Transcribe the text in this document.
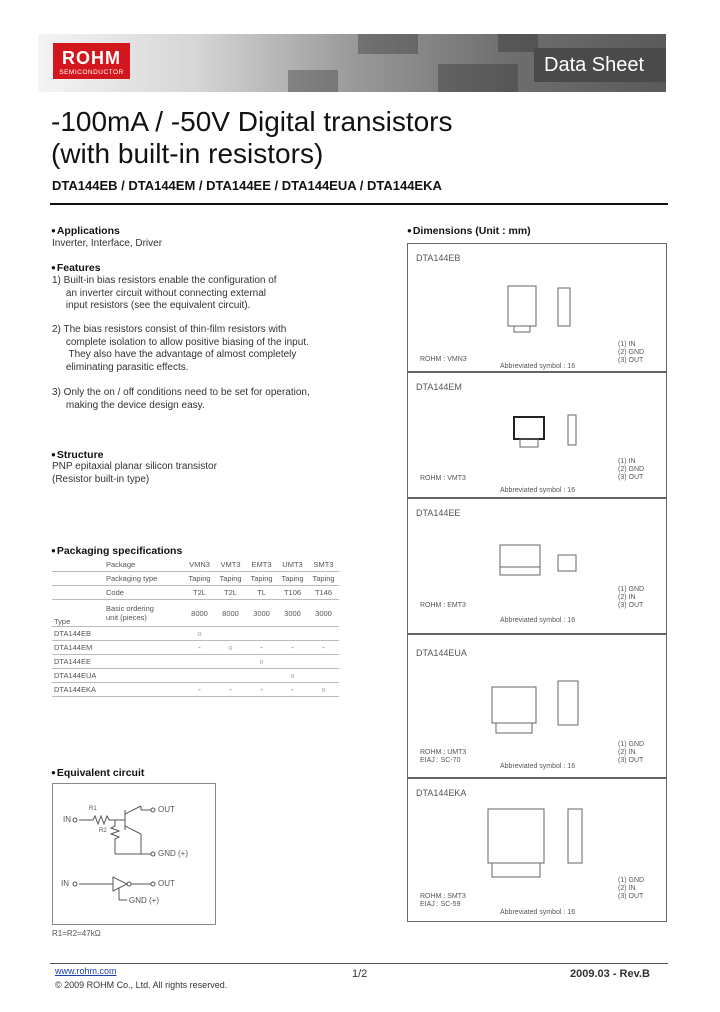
ROHM
SEMICONDUCTOR	Data Sheet
-100mA / -50V Digital transistors
(with built-in resistors)
DTA144EB / DTA144EM / DTA144EE / DTA144EUA / DTA144EKA
● Applications
Inverter, Interface, Driver
● Features
1) Built-in bias resistors enable the configuration of
an inverter circuit without connecting external
input resistors (see the equivalent circuit).
2) The bias resistors consist of thin-film resistors with
complete isolation to allow positive biasing of the input.
They also have the advantage of almost completely
eliminating parasitic effects.
3) Only the on / off conditions need to be set for operation,
making the device design easy.
● Structure
PNP epitaxial planar silicon transistor
(Resistor built-in type)
● Packaging specifications
	Package	VMN3	VMT3	EMT3	UMT3	SMT3
	Packaging type	Taping	Taping	Taping	Taping	Taping
	Code	T2L	T2L	TL	T106	T146
Type	Basic ordering
unit (pieces)	8000	8000	3000	3000	3000
DTA144EB		○				
DTA144EM		-	○	-	-	-
DTA144EE				○		
DTA144EUA					○	
DTA144EKA		-	-	-	-	○
● Equivalent circuit
IN
R1
R2
OUT
GND (+)
IN	OUT
GND (+)
R1=R2=47kΩ
● Dimensions (Unit : mm)
DTA144EB
ROHM : VMN3
Abbreviated symbol : 16
(1) IN
(2) GND
(3) OUT
DTA144EM
ROHM : VMT3
Abbreviated symbol : 16
(1) IN
(2) GND
(3) OUT
DTA144EE
ROHM : EMT3
Abbreviated symbol : 16
(1) GND
(2) IN
(3) OUT
DTA144EUA
ROHM : UMT3
EIAJ : SC-70
Abbreviated symbol : 16
(1) GND
(2) IN
(3) OUT
DTA144EKA
ROHM : SMT3
EIAJ : SC-59
Abbreviated symbol : 16
(1) GND
(2) IN
(3) OUT
www.rohm.com
© 2009 ROHM Co., Ltd. All rights reserved.
1/2	2009.03 - Rev.B
